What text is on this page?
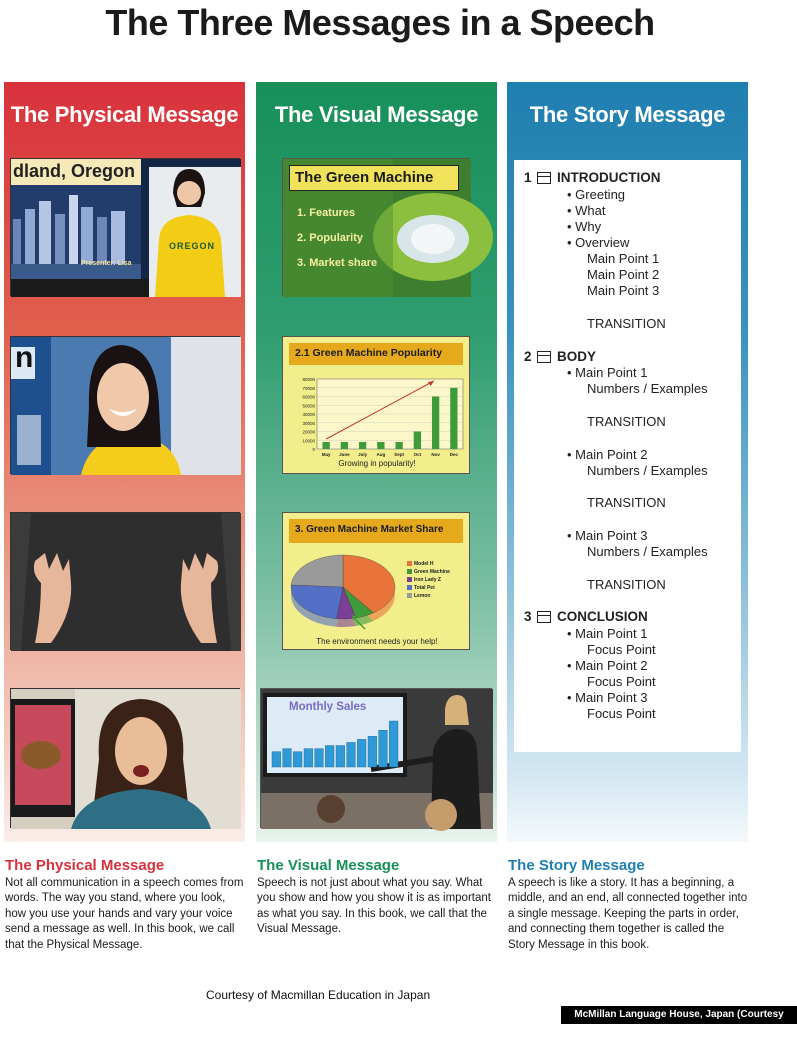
The Three Messages in a Speech
The Physical Message
dland, Oregon
Presenter: Lisa
OREGON
n
The Visual Message
The Green Machine
1. Features
2. Popularity
3. Market share
2.1 Green Machine Popularity
80000
70000
60000
50000
40000
30000
20000
10000
0
May June July Aug Sept Oct Nov Dec
Growing in popularity!
3. Green Machine Market Share
Model H
Green Machine
Iron Lady Z
Total Pet
Lemon
The environment needs your help!
Monthly Sales
The Story Message
1 INTRODUCTION
• Greeting
• What
• Why
• Overview
Main Point 1
Main Point 2
Main Point 3
TRANSITION
2 BODY
• Main Point 1
Numbers / Examples
TRANSITION
• Main Point 2
Numbers / Examples
TRANSITION
• Main Point 3
Numbers / Examples
TRANSITION
3 CONCLUSION
• Main Point 1
Focus Point
• Main Point 2
Focus Point
• Main Point 3
Focus Point
The Physical Message
Not all communication in a speech comes from words. The way you stand, where you look, how you use your hands and vary your voice send a message as well. In this book, we call that the Physical Message.
The Visual Message
Speech is not just about what you say. What you show and how you show it is as important as what you say. In this book, we call that the Visual Message.
The Story Message
A speech is like a story. It has a beginning, a middle, and an end, all connected together into a single message. Keeping the parts in order, and connecting them together is called the Story Message in this book.
Courtesy of Macmillan Education in Japan
McMillan Language House, Japan (Courtesy Image)
